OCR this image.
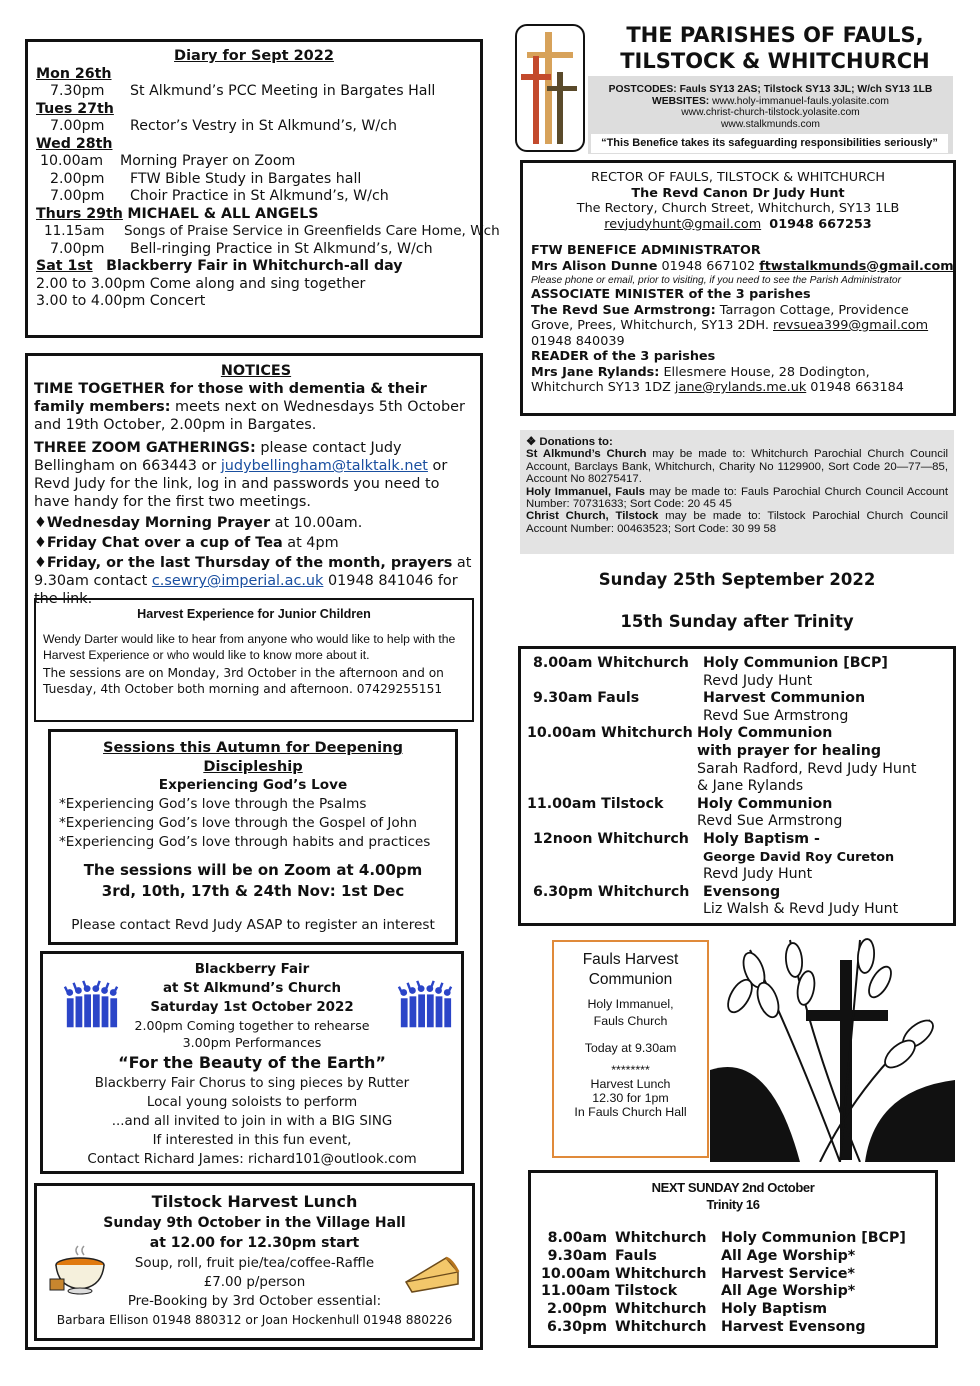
Diary for Sept 2022
Mon 26th
7.30pm St Alkmund’s PCC Meeting in Bargates Hall
Tues 27th
7.00pm Rector’s Vestry in St Alkmund’s, W/ch
Wed 28th
10.00am Morning Prayer on Zoom
2.00pm FTW Bible Study in Bargates hall
7.00pm Choir Practice in St Alkmund’s, W/ch
Thurs 29th MICHAEL & ALL ANGELS
11.15am Songs of Praise Service in Greenfields Care Home, Wch
7.00pm Bell-ringing Practice in St Alkmund’s, W/ch
Sat 1st Blackberry Fair in Whitchurch-all day
2.00 to 3.00pm Come along and sing together
3.00 to 4.00pm Concert
NOTICES
TIME TOGETHER for those with dementia & their family members: meets next on Wednesdays 5th October and 19th October, 2.00pm in Bargates.
THREE ZOOM GATHERINGS: please contact Judy Bellingham on 663443 or judybellingham@talktalk.net or Revd Judy for the link, log in and passwords you need to have handy for the first two meetings.
♦Wednesday Morning Prayer at 10.00am.
♦Friday Chat over a cup of Tea at 4pm
♦Friday, or the last Thursday of the month, prayers at 9.30am contact c.sewry@imperial.ac.uk 01948 841046 for the link.
Harvest Experience for Junior Children
Wendy Darter would like to hear from anyone who would like to help with the Harvest Experience or who would like to know more about it.
The sessions are on Monday, 3rd October in the afternoon and on Tuesday, 4th October both morning and afternoon. 07429255151
Sessions this Autumn for Deepening Discipleship
Experiencing God’s Love
*Experiencing God’s love through the Psalms
*Experiencing God’s love through the Gospel of John
*Experiencing God’s love through habits and practices
The sessions will be on Zoom at 4.00pm
3rd, 10th, 17th & 24th Nov: 1st Dec
Please contact Revd Judy ASAP to register an interest
Blackberry Fair
at St Alkmund’s Church
Saturday 1st October 2022
2.00pm Coming together to rehearse
3.00pm Performances
“For the Beauty of the Earth”
Blackberry Fair Chorus to sing pieces by Rutter
Local young soloists to perform
...and all invited to join in with a BIG SING
If interested in this fun event,
Contact Richard James: richard101@outlook.com
Tilstock Harvest Lunch
Sunday 9th October in the Village Hall
at 12.00 for 12.30pm start
Soup, roll, fruit pie/tea/coffee-Raffle
£7.00 p/person
Pre-Booking by 3rd October essential:
Barbara Ellison 01948 880312 or Joan Hockenhull 01948 880226
THE PARISHES OF FAULS,
TILSTOCK & WHITCHURCH
POSTCODES: Fauls SY13 2AS; Tilstock SY13 3JL; W/ch SY13 1LB
WEBSITES: www.holy-immanuel-fauls.yolasite.com
www.christ-church-tilstock.yolasite.com
www.stalkmunds.com
“This Benefice takes its safeguarding responsibilities seriously”
RECTOR OF FAULS, TILSTOCK & WHITCHURCH
The Revd Canon Dr Judy Hunt
The Rectory, Church Street, Whitchurch, SY13 1LB
revjudyhunt@gmail.com 01948 667253
FTW BENEFICE ADMINISTRATOR
Mrs Alison Dunne 01948 667102 ftwstalkmunds@gmail.com
Please phone or email, prior to visiting, if you need to see the Parish Administrator
ASSOCIATE MINISTER of the 3 parishes
The Revd Sue Armstrong: Tarragon Cottage, Providence Grove, Prees, Whitchurch, SY13 2DH. revsuea399@gmail.com
01948 840039
READER of the 3 parishes
Mrs Jane Rylands: Ellesmere House, 28 Dodington, Whitchurch SY13 1DZ jane@rylands.me.uk 01948 663184
❖ Donations to:
St Alkmund’s Church may be made to: Whitchurch Parochial Church Council Account, Barclays Bank, Whitchurch, Charity No 1129900, Sort Code 20—77—85, Account No 80275417.
Holy Immanuel, Fauls may be made to: Fauls Parochial Church Council Account Number: 70731633; Sort Code: 20 45 45
Christ Church, Tilstock may be made to: Tilstock Parochial Church Council Account Number: 00463523; Sort Code: 30 99 58
Sunday 25th September 2022
15th Sunday after Trinity
8.00am Whitchurch Holy Communion [BCP]
Revd Judy Hunt
9.30am Fauls	Harvest Communion
Revd Sue Armstrong
10.00am Whitchurch Holy Communion
with prayer for healing
Sarah Radford, Revd Judy Hunt
& Jane Rylands
11.00am Tilstock	Holy Communion
Revd Sue Armstrong
12noon Whitchurch Holy Baptism -
George David Roy Cureton
Revd Judy Hunt
6.30pm Whitchurch Evensong
Liz Walsh & Revd Judy Hunt
Fauls Harvest
Communion
Holy Immanuel,
Fauls Church
Today at 9.30am
********
Harvest Lunch
12.30 for 1pm
In Fauls Church Hall
NEXT SUNDAY 2nd October
Trinity 16
8.00am Whitchurch	Holy Communion [BCP]
9.30am Fauls	All Age Worship*
10.00am Whitchurch	Harvest Service*
11.00am Tilstock	All Age Worship*
2.00pm Whitchurch	Holy Baptism
6.30pm Whitchurch	Harvest Evensong
